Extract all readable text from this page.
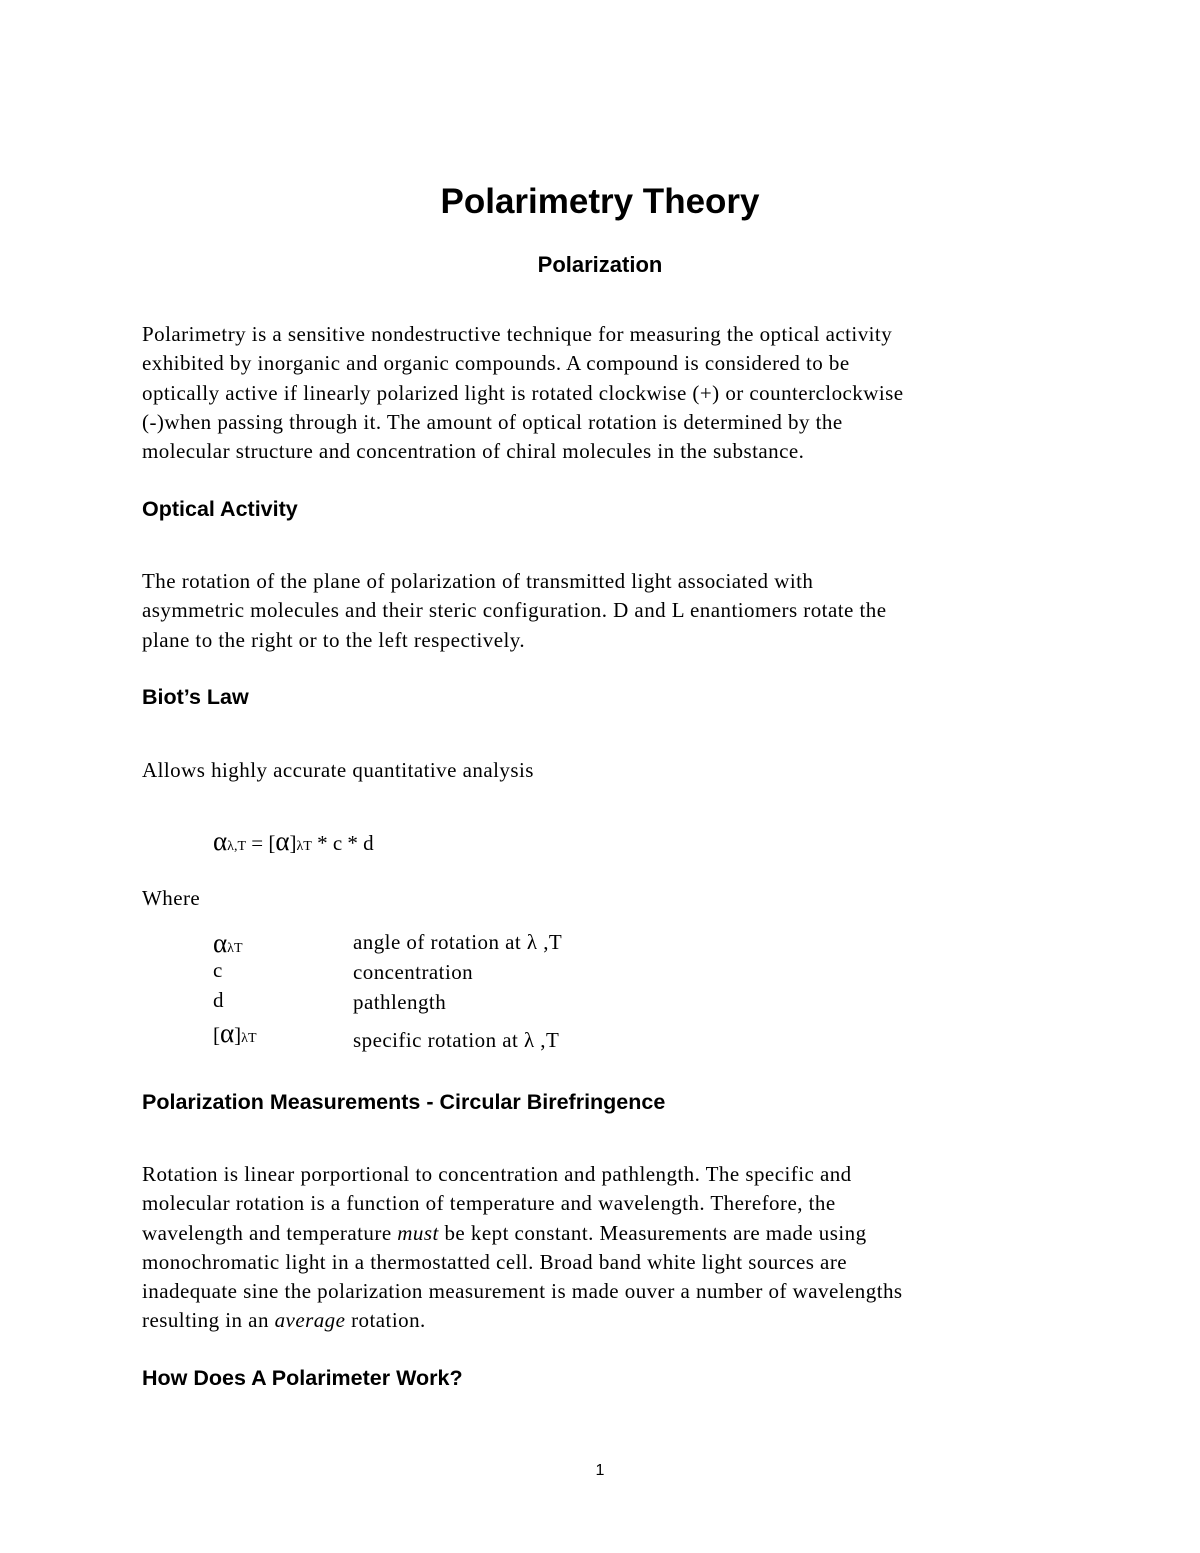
Polarimetry Theory
Polarization
Polarimetry is a sensitive nondestructive technique for measuring the optical activity
exhibited by inorganic and organic compounds. A compound is considered to be
optically active if linearly polarized light is rotated clockwise (+) or counterclockwise
(-)when passing through it. The amount of optical rotation is determined by the
molecular structure and concentration of chiral molecules in the substance.
Optical Activity
The rotation of the plane of polarization of transmitted light associated with
asymmetric molecules and their steric configuration. D and L enantiomers rotate the
plane to the right or to the left respectively.
Biot’s Law
Allows highly accurate quantitative analysis
αλ,T = [α]λT * c * d
Where
αλT	angle of rotation at λ ,T
c	concentration
d	pathlength
[α]λT	specific rotation at λ ,T
Polarization Measurements - Circular Birefringence
Rotation is linear porportional to concentration and pathlength. The specific and
molecular rotation is a function of temperature and wavelength. Therefore, the
wavelength and temperature must be kept constant. Measurements are made using
monochromatic light in a thermostatted cell. Broad band white light sources are
inadequate sine the polarization measurement is made ouver a number of wavelengths
resulting in an average rotation.
How Does A Polarimeter Work?
1
